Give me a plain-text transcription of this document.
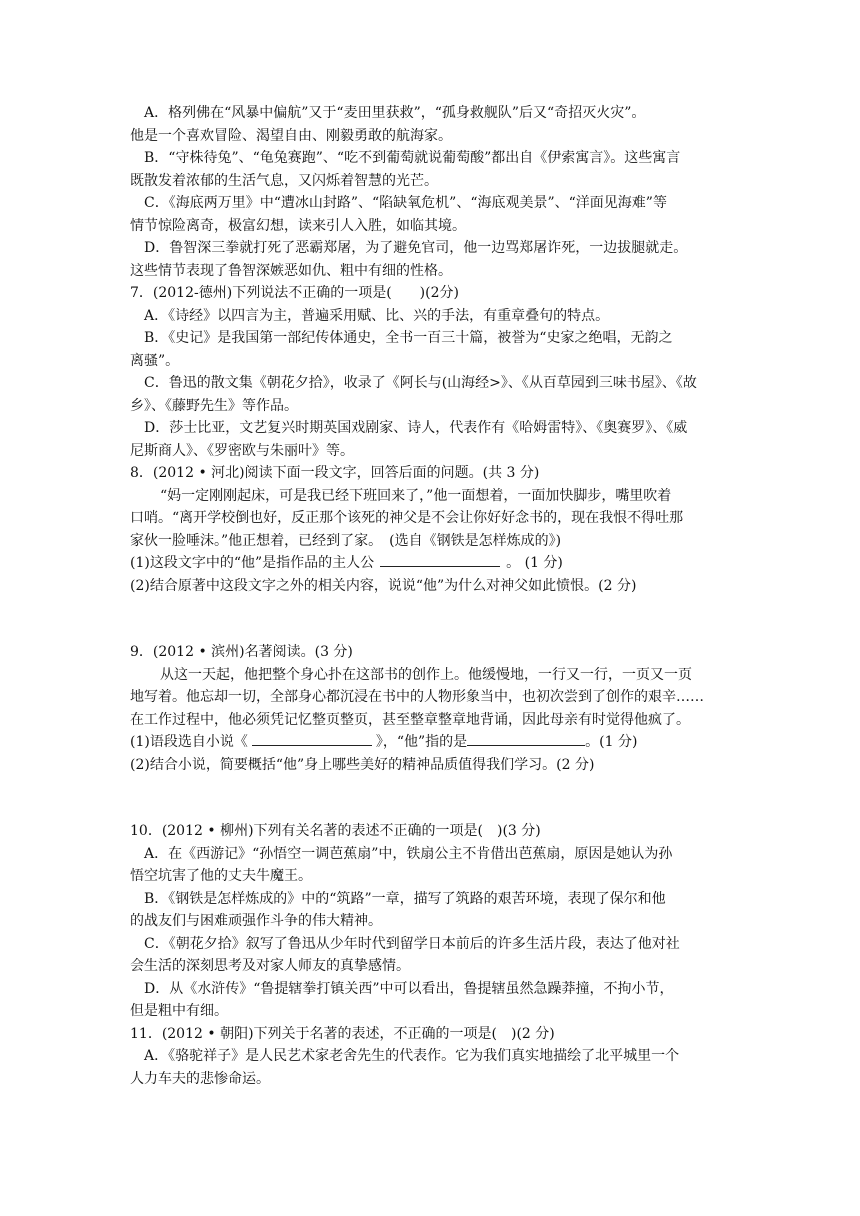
A．格列佛在“风暴中偏航”又于“麦田里获救”，“孤身救舰队”后又“奇招灭火灾”。
他是一个喜欢冒险、渴望自由、刚毅勇敢的航海家。
B．“守株待兔”、“龟兔赛跑”、“吃不到葡萄就说葡萄酸”都出自《伊索寓言》。这些寓言
既散发着浓郁的生活气息，又闪烁着智慧的光芒。
C．《海底两万里》中“遭冰山封路”、“陷缺氧危机”、“海底观美景”、“洋面见海难”等
情节惊险离奇，极富幻想，读来引人入胜，如临其境。
D．鲁智深三拳就打死了恶霸郑屠，为了避免官司，他一边骂郑屠诈死，一边拔腿就走。
这些情节表现了鲁智深嫉恶如仇、粗中有细的性格。
7．(2012-德州)下列说法不正确的一项是(　　)(2分)
A．《诗经》以四言为主，普遍采用赋、比、兴的手法，有重章叠句的特点。
B．《史记》是我国第一部纪传体通史，全书一百三十篇，被誉为“史家之绝唱，无韵之
离骚”。
C．鲁迅的散文集《朝花夕拾》，收录了《阿长与(山海经>》、《从百草园到三味书屋》、《故
乡》、《藤野先生》等作品。
D．莎士比亚，文艺复兴时期英国戏剧家、诗人，代表作有《哈姆雷特》、《奥赛罗》、《威
尼斯商人》、《罗密欧与朱丽叶》等。
8．(2012 • 河北)阅读下面一段文字，回答后面的问题。(共 3 分)
“妈一定刚刚起床，可是我已经下班回来了，”他一面想着，一面加快脚步，嘴里吹着
口哨。“离开学校倒也好，反正那个该死的神父是不会让你好好念书的，现在我恨不得吐那
家伙一脸唾沫。”他正想着，已经到了家。　(选自《钢铁是怎样炼成的》)
(1)这段文字中的“他”是指作品的主人公	。 (1 分)
(2)结合原著中这段文字之外的相关内容，说说“他”为什么对神父如此愤恨。(2 分)
9．(2012 • 滨州)名著阅读。(3 分)
从这一天起，他把整个身心扑在这部书的创作上。他缓慢地，一行又一行，一页又一页
地写着。他忘却一切，全部身心都沉浸在书中的人物形象当中，也初次尝到了创作的艰辛……
在工作过程中，他必须凭记忆整页整页，甚至整章整章地背诵，因此母亲有时觉得他疯了。
(1)语段选自小说《	》，“他”指的是	。(1 分)
(2)结合小说，简要概括“他”身上哪些美好的精神品质值得我们学习。(2 分)
10．(2012 • 柳州)下列有关名著的表述不正确的一项是(　)(3 分)
A．在《西游记》“孙悟空一调芭蕉扇”中，铁扇公主不肯借出芭蕉扇，原因是她认为孙
悟空坑害了他的丈夫牛魔王。
B．《钢铁是怎样炼成的》中的“筑路”一章，描写了筑路的艰苦环境，表现了保尔和他
的战友们与困难顽强作斗争的伟大精神。
C．《朝花夕拾》叙写了鲁迅从少年时代到留学日本前后的许多生活片段，表达了他对社
会生活的深刻思考及对家人师友的真挚感情。
D．从《水浒传》“鲁提辖拳打镇关西”中可以看出，鲁提辖虽然急躁莽撞，不拘小节，
但是粗中有细。
11．(2012 • 朝阳)下列关于名著的表述，不正确的一项是(　)(2 分)
A．《骆驼祥子》是人民艺术家老舍先生的代表作。它为我们真实地描绘了北平城里一个
人力车夫的悲惨命运。
